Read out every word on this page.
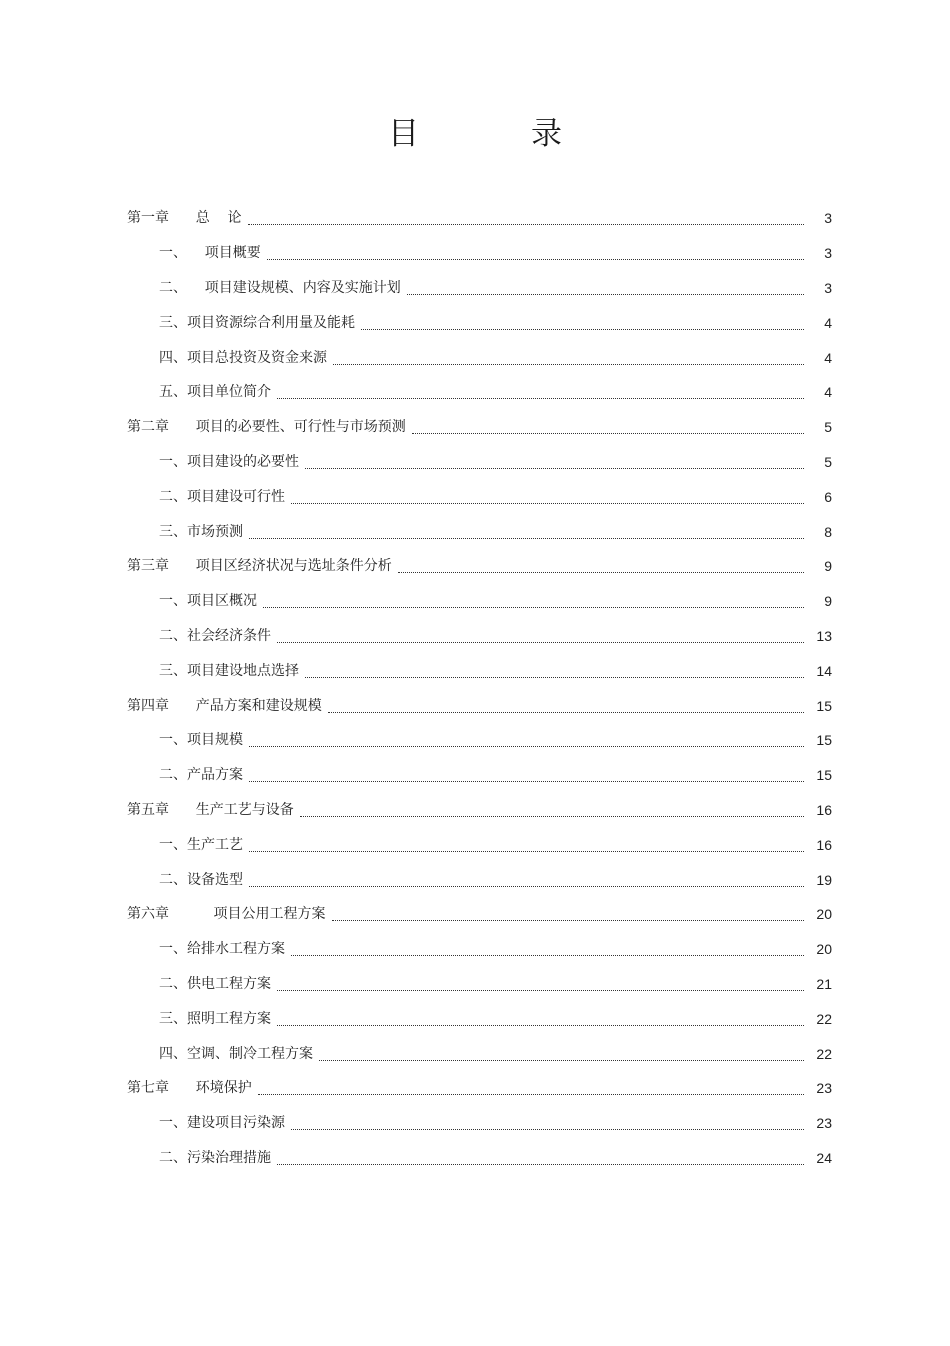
目	录
第一章      总    论	3
一、    项目概要	3
二、    项目建设规模、内容及实施计划	3
三、项目资源综合利用量及能耗	4
四、项目总投资及资金来源	4
五、项目单位简介	4
第二章      项目的必要性、可行性与市场预测	5
一、项目建设的必要性	5
二、项目建设可行性	6
三、市场预测	8
第三章      项目区经济状况与选址条件分析	9
一、项目区概况	9
二、社会经济条件	13
三、项目建设地点选择	14
第四章      产品方案和建设规模	15
一、项目规模	15
二、产品方案	15
第五章      生产工艺与设备	16
一、生产工艺	16
二、设备选型	19
第六章          项目公用工程方案	20
一、给排水工程方案	20
二、供电工程方案	21
三、照明工程方案	22
四、空调、制冷工程方案	22
第七章      环境保护	23
一、建设项目污染源	23
二、污染治理措施	24
